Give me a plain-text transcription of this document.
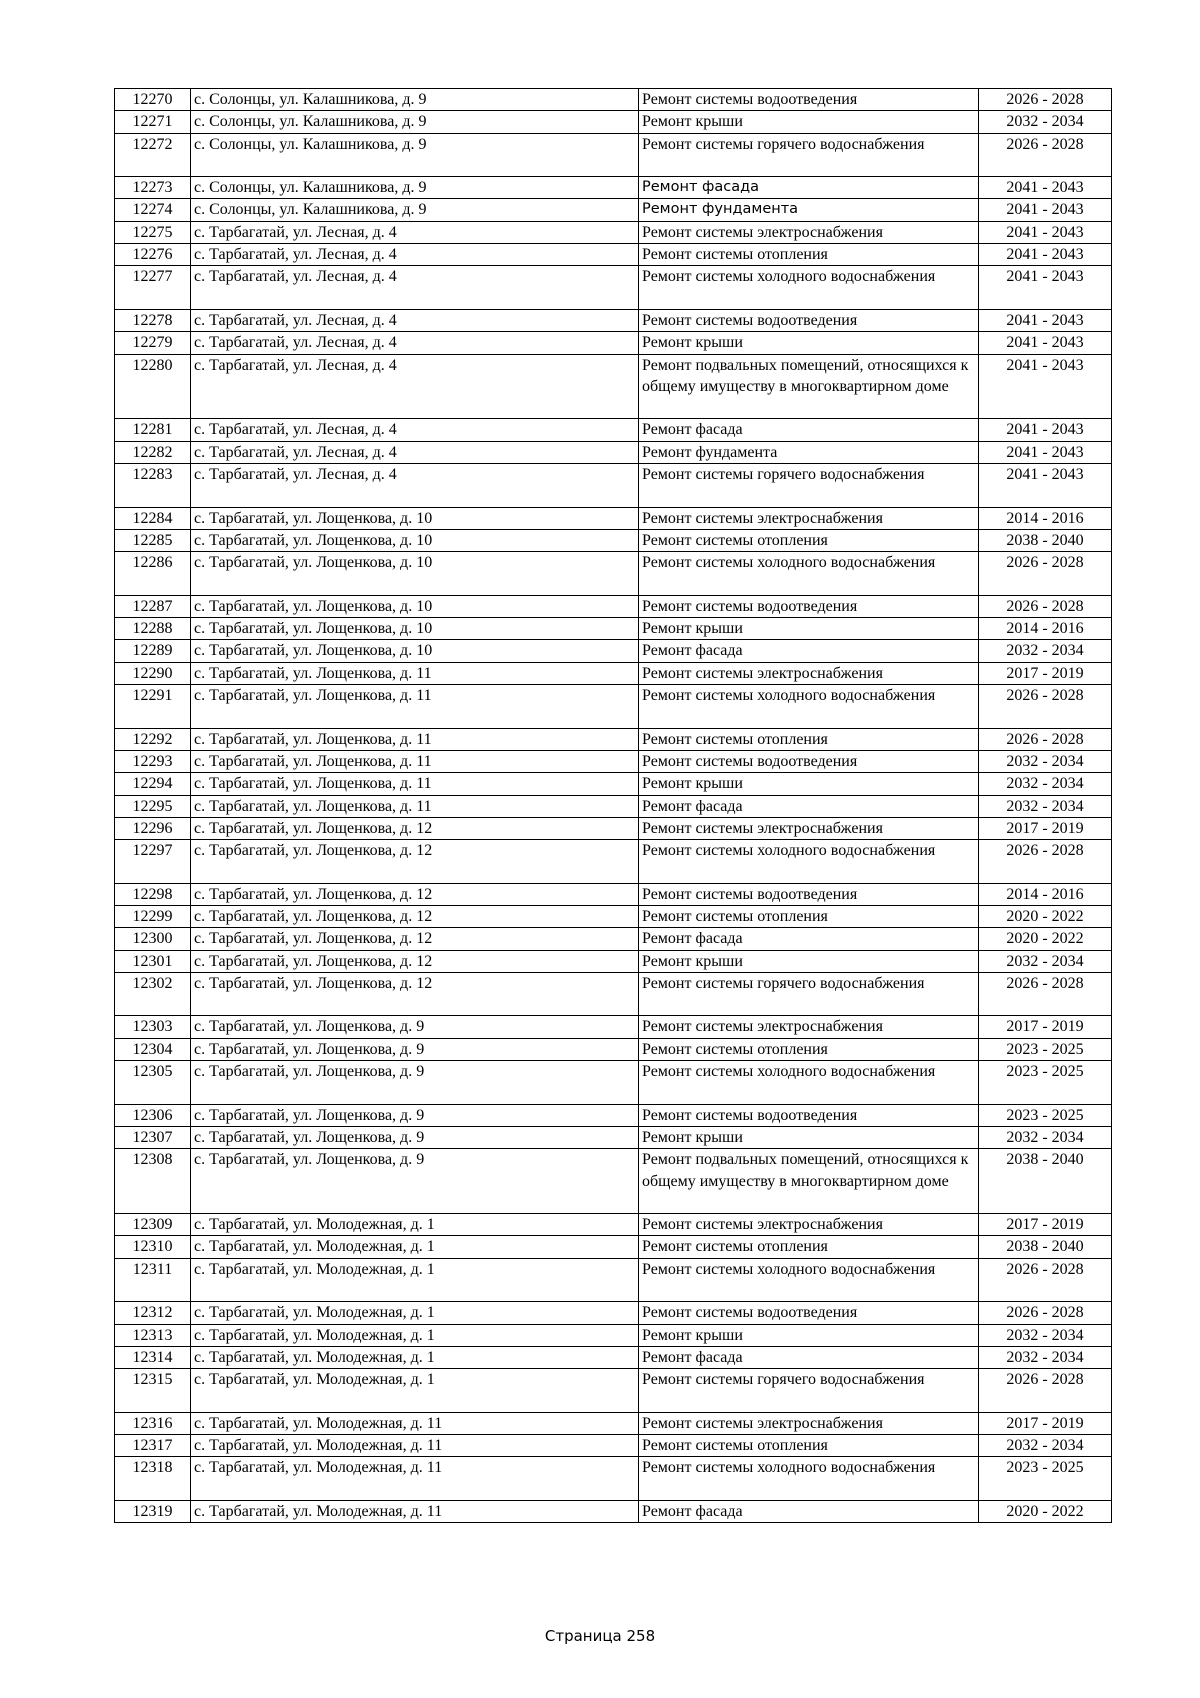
12270	с. Солонцы, ул. Калашникова, д. 9	Ремонт системы водоотведения	2026 - 2028
12271	с. Солонцы, ул. Калашникова, д. 9	Ремонт крыши	2032 - 2034
12272	с. Солонцы, ул. Калашникова, д. 9	Ремонт системы горячего водоснабжения	2026 - 2028
12273	с. Солонцы, ул. Калашникова, д. 9	Ремонт фасада	2041 - 2043
12274	с. Солонцы, ул. Калашникова, д. 9	Ремонт фундамента	2041 - 2043
12275	с. Тарбагатай, ул. Лесная, д. 4	Ремонт системы электроснабжения	2041 - 2043
12276	с. Тарбагатай, ул. Лесная, д. 4	Ремонт системы отопления	2041 - 2043
12277	с. Тарбагатай, ул. Лесная, д. 4	Ремонт системы холодного водоснабжения	2041 - 2043
12278	с. Тарбагатай, ул. Лесная, д. 4	Ремонт системы водоотведения	2041 - 2043
12279	с. Тарбагатай, ул. Лесная, д. 4	Ремонт крыши	2041 - 2043
12280	с. Тарбагатай, ул. Лесная, д. 4	Ремонт подвальных помещений, относящихся к общему имуществу в многоквартирном доме	2041 - 2043
12281	с. Тарбагатай, ул. Лесная, д. 4	Ремонт фасада	2041 - 2043
12282	с. Тарбагатай, ул. Лесная, д. 4	Ремонт фундамента	2041 - 2043
12283	с. Тарбагатай, ул. Лесная, д. 4	Ремонт системы горячего водоснабжения	2041 - 2043
12284	с. Тарбагатай, ул. Лощенкова, д. 10	Ремонт системы электроснабжения	2014 - 2016
12285	с. Тарбагатай, ул. Лощенкова, д. 10	Ремонт системы отопления	2038 - 2040
12286	с. Тарбагатай, ул. Лощенкова, д. 10	Ремонт системы холодного водоснабжения	2026 - 2028
12287	с. Тарбагатай, ул. Лощенкова, д. 10	Ремонт системы водоотведения	2026 - 2028
12288	с. Тарбагатай, ул. Лощенкова, д. 10	Ремонт крыши	2014 - 2016
12289	с. Тарбагатай, ул. Лощенкова, д. 10	Ремонт фасада	2032 - 2034
12290	с. Тарбагатай, ул. Лощенкова, д. 11	Ремонт системы электроснабжения	2017 - 2019
12291	с. Тарбагатай, ул. Лощенкова, д. 11	Ремонт системы холодного водоснабжения	2026 - 2028
12292	с. Тарбагатай, ул. Лощенкова, д. 11	Ремонт системы отопления	2026 - 2028
12293	с. Тарбагатай, ул. Лощенкова, д. 11	Ремонт системы водоотведения	2032 - 2034
12294	с. Тарбагатай, ул. Лощенкова, д. 11	Ремонт крыши	2032 - 2034
12295	с. Тарбагатай, ул. Лощенкова, д. 11	Ремонт фасада	2032 - 2034
12296	с. Тарбагатай, ул. Лощенкова, д. 12	Ремонт системы электроснабжения	2017 - 2019
12297	с. Тарбагатай, ул. Лощенкова, д. 12	Ремонт системы холодного водоснабжения	2026 - 2028
12298	с. Тарбагатай, ул. Лощенкова, д. 12	Ремонт системы водоотведения	2014 - 2016
12299	с. Тарбагатай, ул. Лощенкова, д. 12	Ремонт системы отопления	2020 - 2022
12300	с. Тарбагатай, ул. Лощенкова, д. 12	Ремонт фасада	2020 - 2022
12301	с. Тарбагатай, ул. Лощенкова, д. 12	Ремонт крыши	2032 - 2034
12302	с. Тарбагатай, ул. Лощенкова, д. 12	Ремонт системы горячего водоснабжения	2026 - 2028
12303	с. Тарбагатай, ул. Лощенкова, д. 9	Ремонт системы электроснабжения	2017 - 2019
12304	с. Тарбагатай, ул. Лощенкова, д. 9	Ремонт системы отопления	2023 - 2025
12305	с. Тарбагатай, ул. Лощенкова, д. 9	Ремонт системы холодного водоснабжения	2023 - 2025
12306	с. Тарбагатай, ул. Лощенкова, д. 9	Ремонт системы водоотведения	2023 - 2025
12307	с. Тарбагатай, ул. Лощенкова, д. 9	Ремонт крыши	2032 - 2034
12308	с. Тарбагатай, ул. Лощенкова, д. 9	Ремонт подвальных помещений, относящихся к общему имуществу в многоквартирном доме	2038 - 2040
12309	с. Тарбагатай, ул. Молодежная, д. 1	Ремонт системы электроснабжения	2017 - 2019
12310	с. Тарбагатай, ул. Молодежная, д. 1	Ремонт системы отопления	2038 - 2040
12311	с. Тарбагатай, ул. Молодежная, д. 1	Ремонт системы холодного водоснабжения	2026 - 2028
12312	с. Тарбагатай, ул. Молодежная, д. 1	Ремонт системы водоотведения	2026 - 2028
12313	с. Тарбагатай, ул. Молодежная, д. 1	Ремонт крыши	2032 - 2034
12314	с. Тарбагатай, ул. Молодежная, д. 1	Ремонт фасада	2032 - 2034
12315	с. Тарбагатай, ул. Молодежная, д. 1	Ремонт системы горячего водоснабжения	2026 - 2028
12316	с. Тарбагатай, ул. Молодежная, д. 11	Ремонт системы электроснабжения	2017 - 2019
12317	с. Тарбагатай, ул. Молодежная, д. 11	Ремонт системы отопления	2032 - 2034
12318	с. Тарбагатай, ул. Молодежная, д. 11	Ремонт системы холодного водоснабжения	2023 - 2025
12319	с. Тарбагатай, ул. Молодежная, д. 11	Ремонт фасада	2020 - 2022
Страница 258
